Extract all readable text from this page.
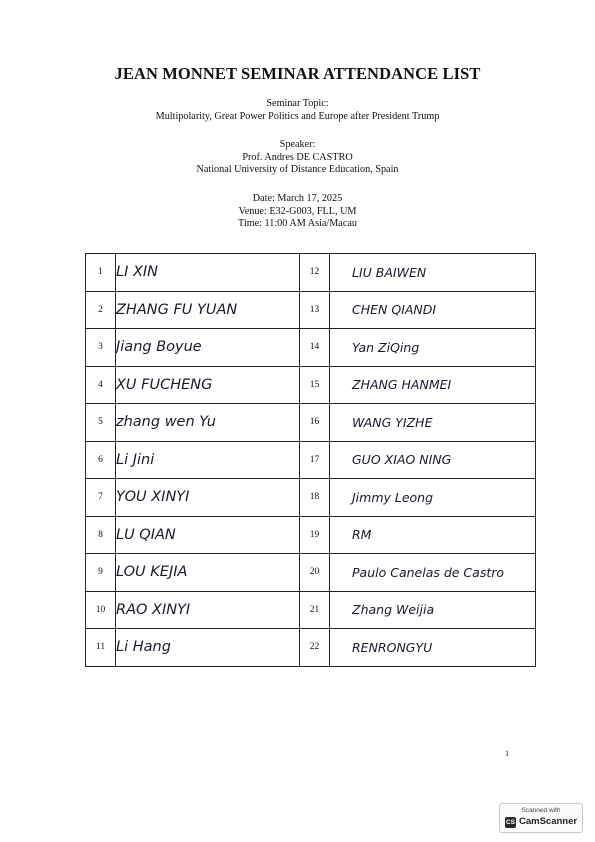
JEAN MONNET SEMINAR ATTENDANCE LIST
Seminar Topic:
Multipolarity, Great Power Politics and Europe after President Trump
Speaker:
Prof. Andres DE CASTRO
National University of Distance Education, Spain
Date: March 17, 2025
Venue: E32-G003, FLL, UM
Time: 11:00 AM Asia/Macau
1	LI XIN	12	LIU BAIWEN
2	ZHANG FU YUAN	13	CHEN QIANDI
3	Jiang Boyue	14	Yan ZiQing
4	XU FUCHENG	15	ZHANG HANMEI
5	zhang wen Yu	16	WANG YIZHE
6	Li Jini	17	GUO XIAO NING
7	YOU XINYI	18	Jimmy Leong
8	LU QIAN	19	RM
9	LOU KEJIA	20	Paulo Canelas de Castro
10	RAO XINYI	21	Zhang Weijia
11	Li Hang	22	RENRONGYU
1
Scanned with
CS CamScanner
